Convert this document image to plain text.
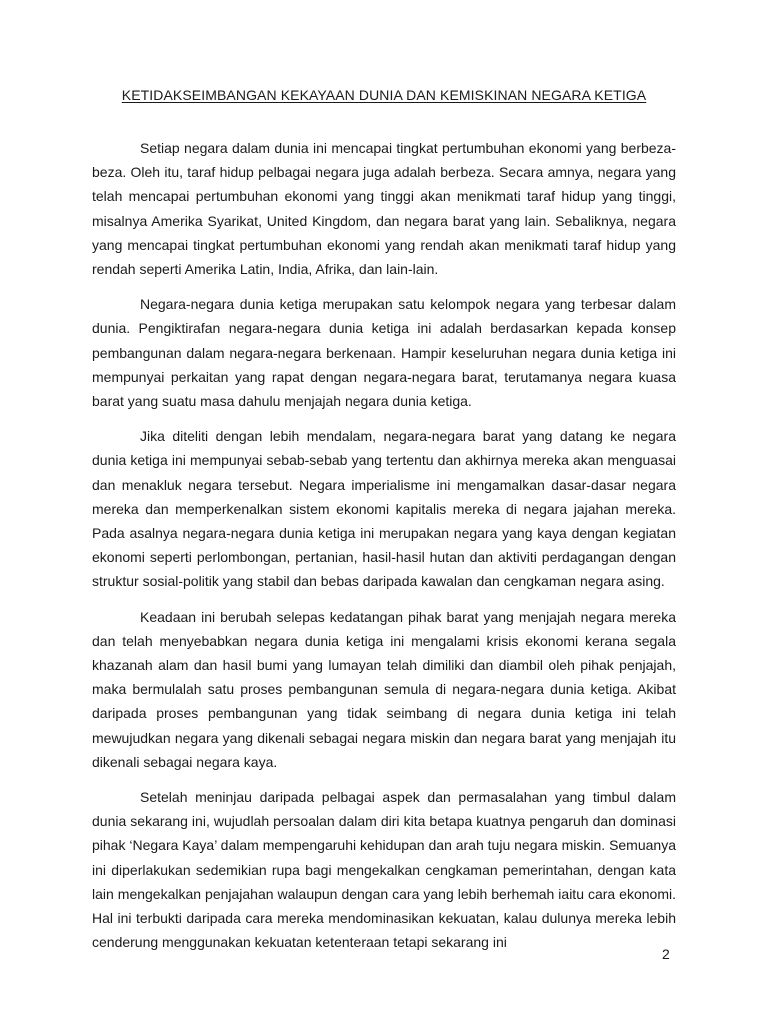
KETIDAKSEIMBANGAN KEKAYAAN DUNIA DAN KEMISKINAN NEGARA KETIGA

Setiap negara dalam dunia ini mencapai tingkat pertumbuhan ekonomi yang berbeza-beza. Oleh itu, taraf hidup pelbagai negara juga adalah berbeza. Secara amnya, negara yang telah mencapai pertumbuhan ekonomi yang tinggi akan menikmati taraf hidup yang tinggi, misalnya Amerika Syarikat, United Kingdom, dan negara barat yang lain. Sebaliknya, negara yang mencapai tingkat pertumbuhan ekonomi yang rendah akan menikmati taraf hidup yang rendah seperti Amerika Latin, India, Afrika, dan lain-lain.

Negara-negara dunia ketiga merupakan satu kelompok negara yang terbesar dalam dunia. Pengiktirafan negara-negara dunia ketiga ini adalah berdasarkan kepada konsep pembangunan dalam negara-negara berkenaan. Hampir keseluruhan negara dunia ketiga ini mempunyai perkaitan yang rapat dengan negara-negara barat, terutamanya negara kuasa barat yang suatu masa dahulu menjajah negara dunia ketiga.

Jika diteliti dengan lebih mendalam, negara-negara barat yang datang ke negara dunia ketiga ini mempunyai sebab-sebab yang tertentu dan akhirnya mereka akan menguasai dan menakluk negara tersebut. Negara imperialisme ini mengamalkan dasar-dasar negara mereka dan memperkenalkan sistem ekonomi kapitalis mereka di negara jajahan mereka. Pada asalnya negara-negara dunia ketiga ini merupakan negara yang kaya dengan kegiatan ekonomi seperti perlombongan, pertanian, hasil-hasil hutan dan aktiviti perdagangan dengan struktur sosial-politik yang stabil dan bebas daripada kawalan dan cengkaman negara asing.

Keadaan ini berubah selepas kedatangan pihak barat yang menjajah negara mereka dan telah menyebabkan negara dunia ketiga ini mengalami krisis ekonomi kerana segala khazanah alam dan hasil bumi yang lumayan telah dimiliki dan diambil oleh pihak penjajah, maka bermulalah satu proses pembangunan semula di negara-negara dunia ketiga. Akibat daripada proses pembangunan yang tidak seimbang di negara dunia ketiga ini telah mewujudkan negara yang dikenali sebagai negara miskin dan negara barat yang menjajah itu dikenali sebagai negara kaya.

Setelah meninjau daripada pelbagai aspek dan permasalahan yang timbul dalam dunia sekarang ini, wujudlah persoalan dalam diri kita betapa kuatnya pengaruh dan dominasi pihak ‘Negara Kaya’ dalam mempengaruhi kehidupan dan arah tuju negara miskin. Semuanya ini diperlakukan sedemikian rupa bagi mengekalkan cengkaman pemerintahan, dengan kata lain mengekalkan penjajahan walaupun dengan cara yang lebih berhemah iaitu cara ekonomi. Hal ini terbukti daripada cara mereka mendominasikan kekuatan, kalau dulunya mereka lebih cenderung menggunakan kekuatan ketenteraan tetapi sekarang ini

2
